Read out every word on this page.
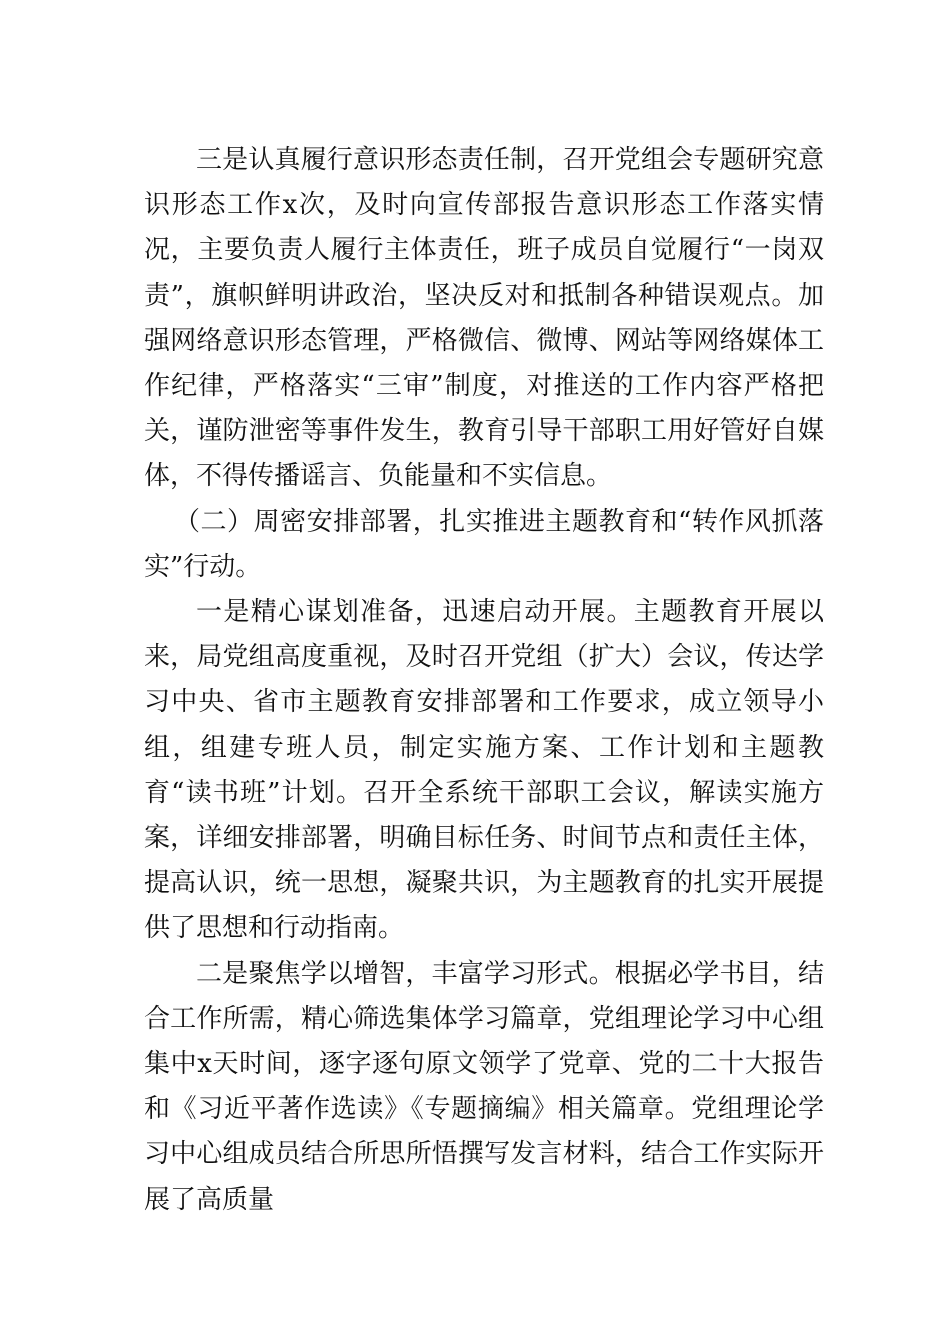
三是认真履行意识形态责任制，召开党组会专题研究意识形态工作x次，及时向宣传部报告意识形态工作落实情况，主要负责人履行主体责任，班子成员自觉履行“一岗双责”，旗帜鲜明讲政治，坚决反对和抵制各种错误观点。加强网络意识形态管理，严格微信、微博、网站等网络媒体工作纪律，严格落实“三审”制度，对推送的工作内容严格把关，谨防泄密等事件发生，教育引导干部职工用好管好自媒体，不得传播谣言、负能量和不实信息。

（二）周密安排部署，扎实推进主题教育和“转作风抓落实”行动。

一是精心谋划准备，迅速启动开展。主题教育开展以来，局党组高度重视，及时召开党组（扩大）会议，传达学习中央、省市主题教育安排部署和工作要求，成立领导小组，组建专班人员，制定实施方案、工作计划和主题教育“读书班”计划。召开全系统干部职工会议，解读实施方案，详细安排部署，明确目标任务、时间节点和责任主体，提高认识，统一思想，凝聚共识，为主题教育的扎实开展提供了思想和行动指南。

二是聚焦学以增智，丰富学习形式。根据必学书目，结合工作所需，精心筛选集体学习篇章，党组理论学习中心组集中x天时间，逐字逐句原文领学了党章、党的二十大报告和《习近平著作选读》《专题摘编》相关篇章。党组理论学习中心组成员结合所思所悟撰写发言材料，结合工作实际开展了高质量
